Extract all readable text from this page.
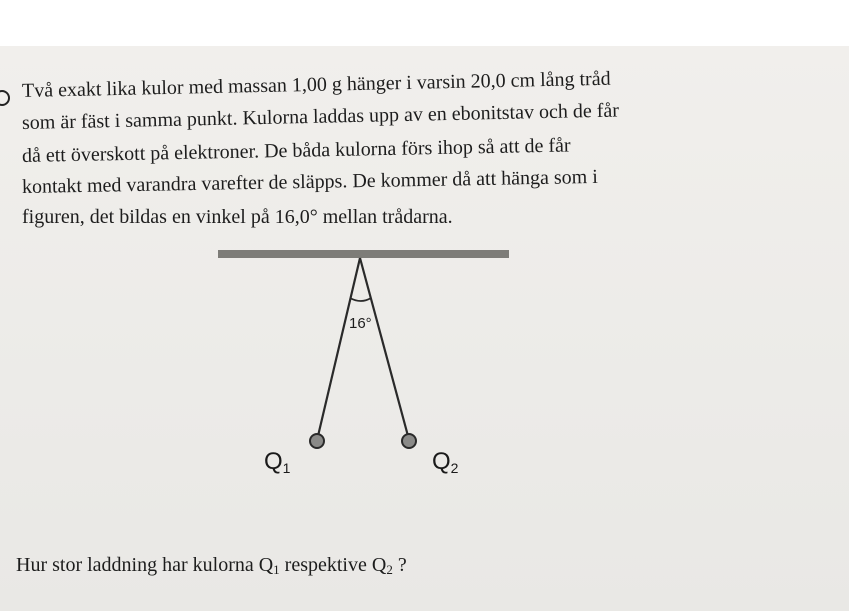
Två exakt lika kulor med massan 1,00 g hänger i varsin 20,0 cm lång tråd
som är fäst i samma punkt. Kulorna laddas upp av en ebonitstav och de får
då ett överskott på elektroner. De båda kulorna förs ihop så att de får
kontakt med varandra varefter de släpps. De kommer då att hänga som i
figuren, det bildas en vinkel på 16,0° mellan trådarna.
16°
Q1	Q2
Hur stor laddning har kulorna $Q_1$ respektive $Q_2$ ?
